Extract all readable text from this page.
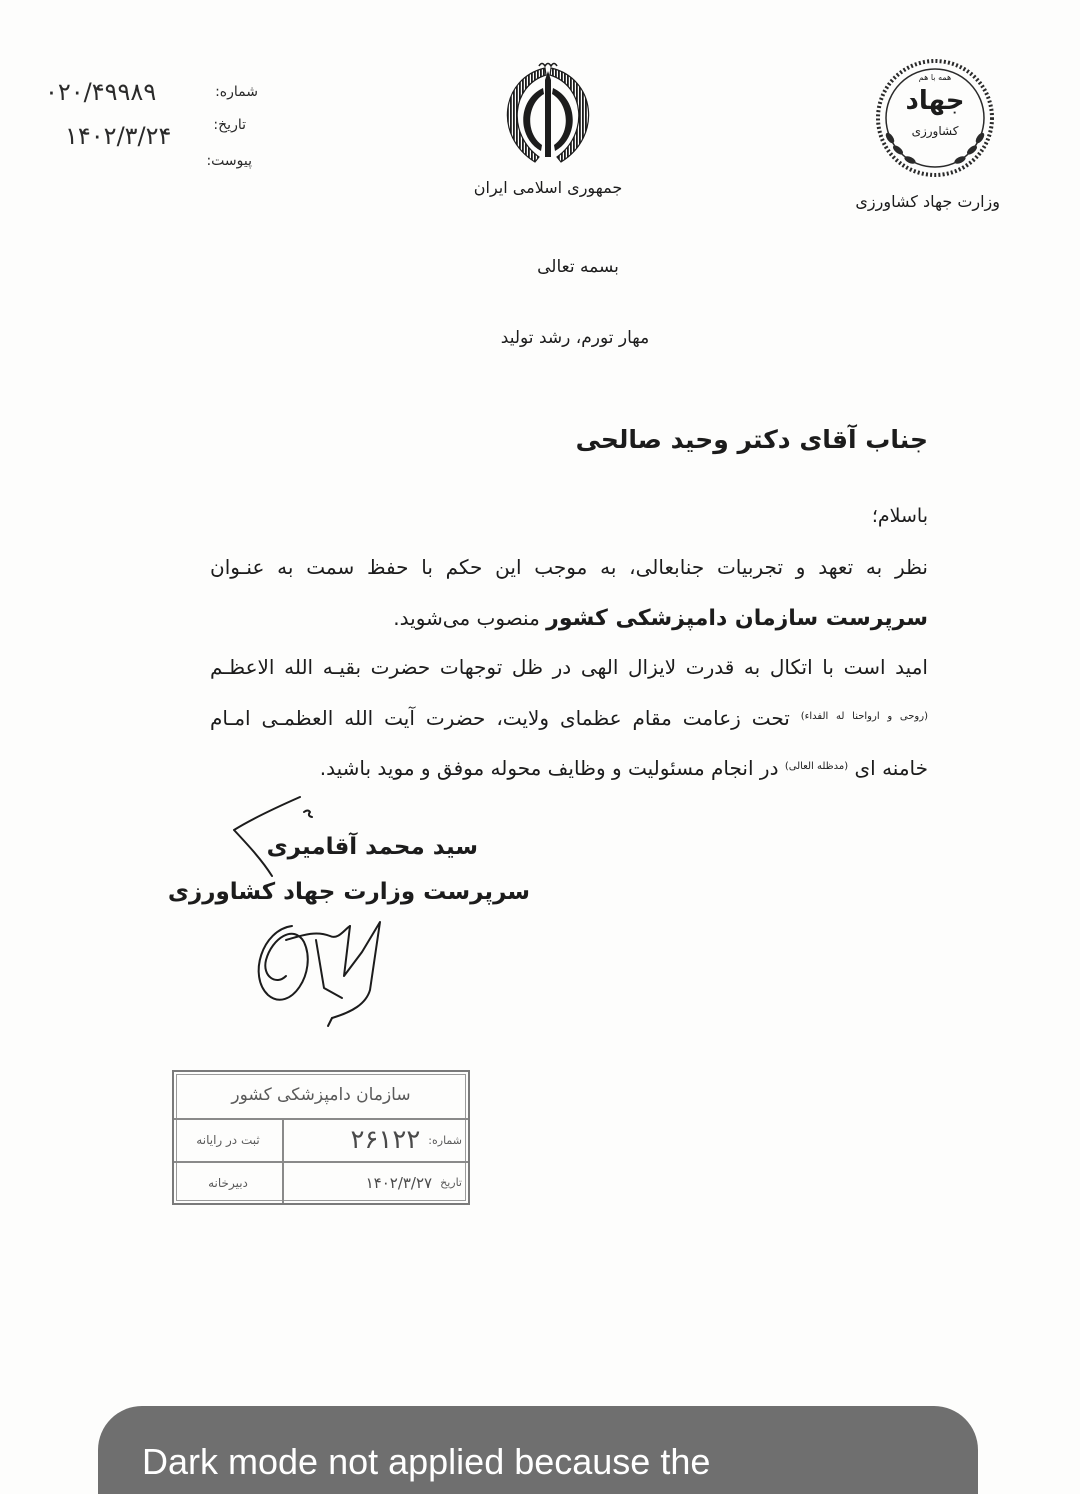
شماره:
۰۲۰/۴۹۹۸۹
تاریخ:
۱۴۰۲/۳/۲۴
پیوست:
جمهوری اسلامی ایران
همه با هم
جهاد
کشاورزی
وزارت جهاد کشاورزی
بسمه تعالی
مهار تورم، رشد تولید
جناب آقای دکتر وحید صالحی
باسلام؛
نظر به تعهد و تجربیات جنابعالی، به موجب این حکم با حفظ سمت به عنـوان
سرپرست سازمان دامپزشکی کشور منصوب می‌شوید.
امید است با اتکال به قدرت لایزال الهی در ظل توجهات حضرت بقیـه الله الاعظـم
$^{(روحی و ارواحنا له الفداء)}$ تحت زعامت مقام عظمای ولایت، حضرت آیت الله العظمـی امـام
خامنه ای $^{(مدظله العالی)}$ در انجام مسئولیت و وظایف محوله موفق و موید باشید.
سید محمد آقامیری
سرپرست وزارت جهاد کشاورزی
سازمان دامپزشکی کشور
شماره:
۲۶۱۲۲
ثبت در رایانه
تاریخ
۱۴۰۲/۳/۲۷
دبیرخانه
Dark mode not applied because the
